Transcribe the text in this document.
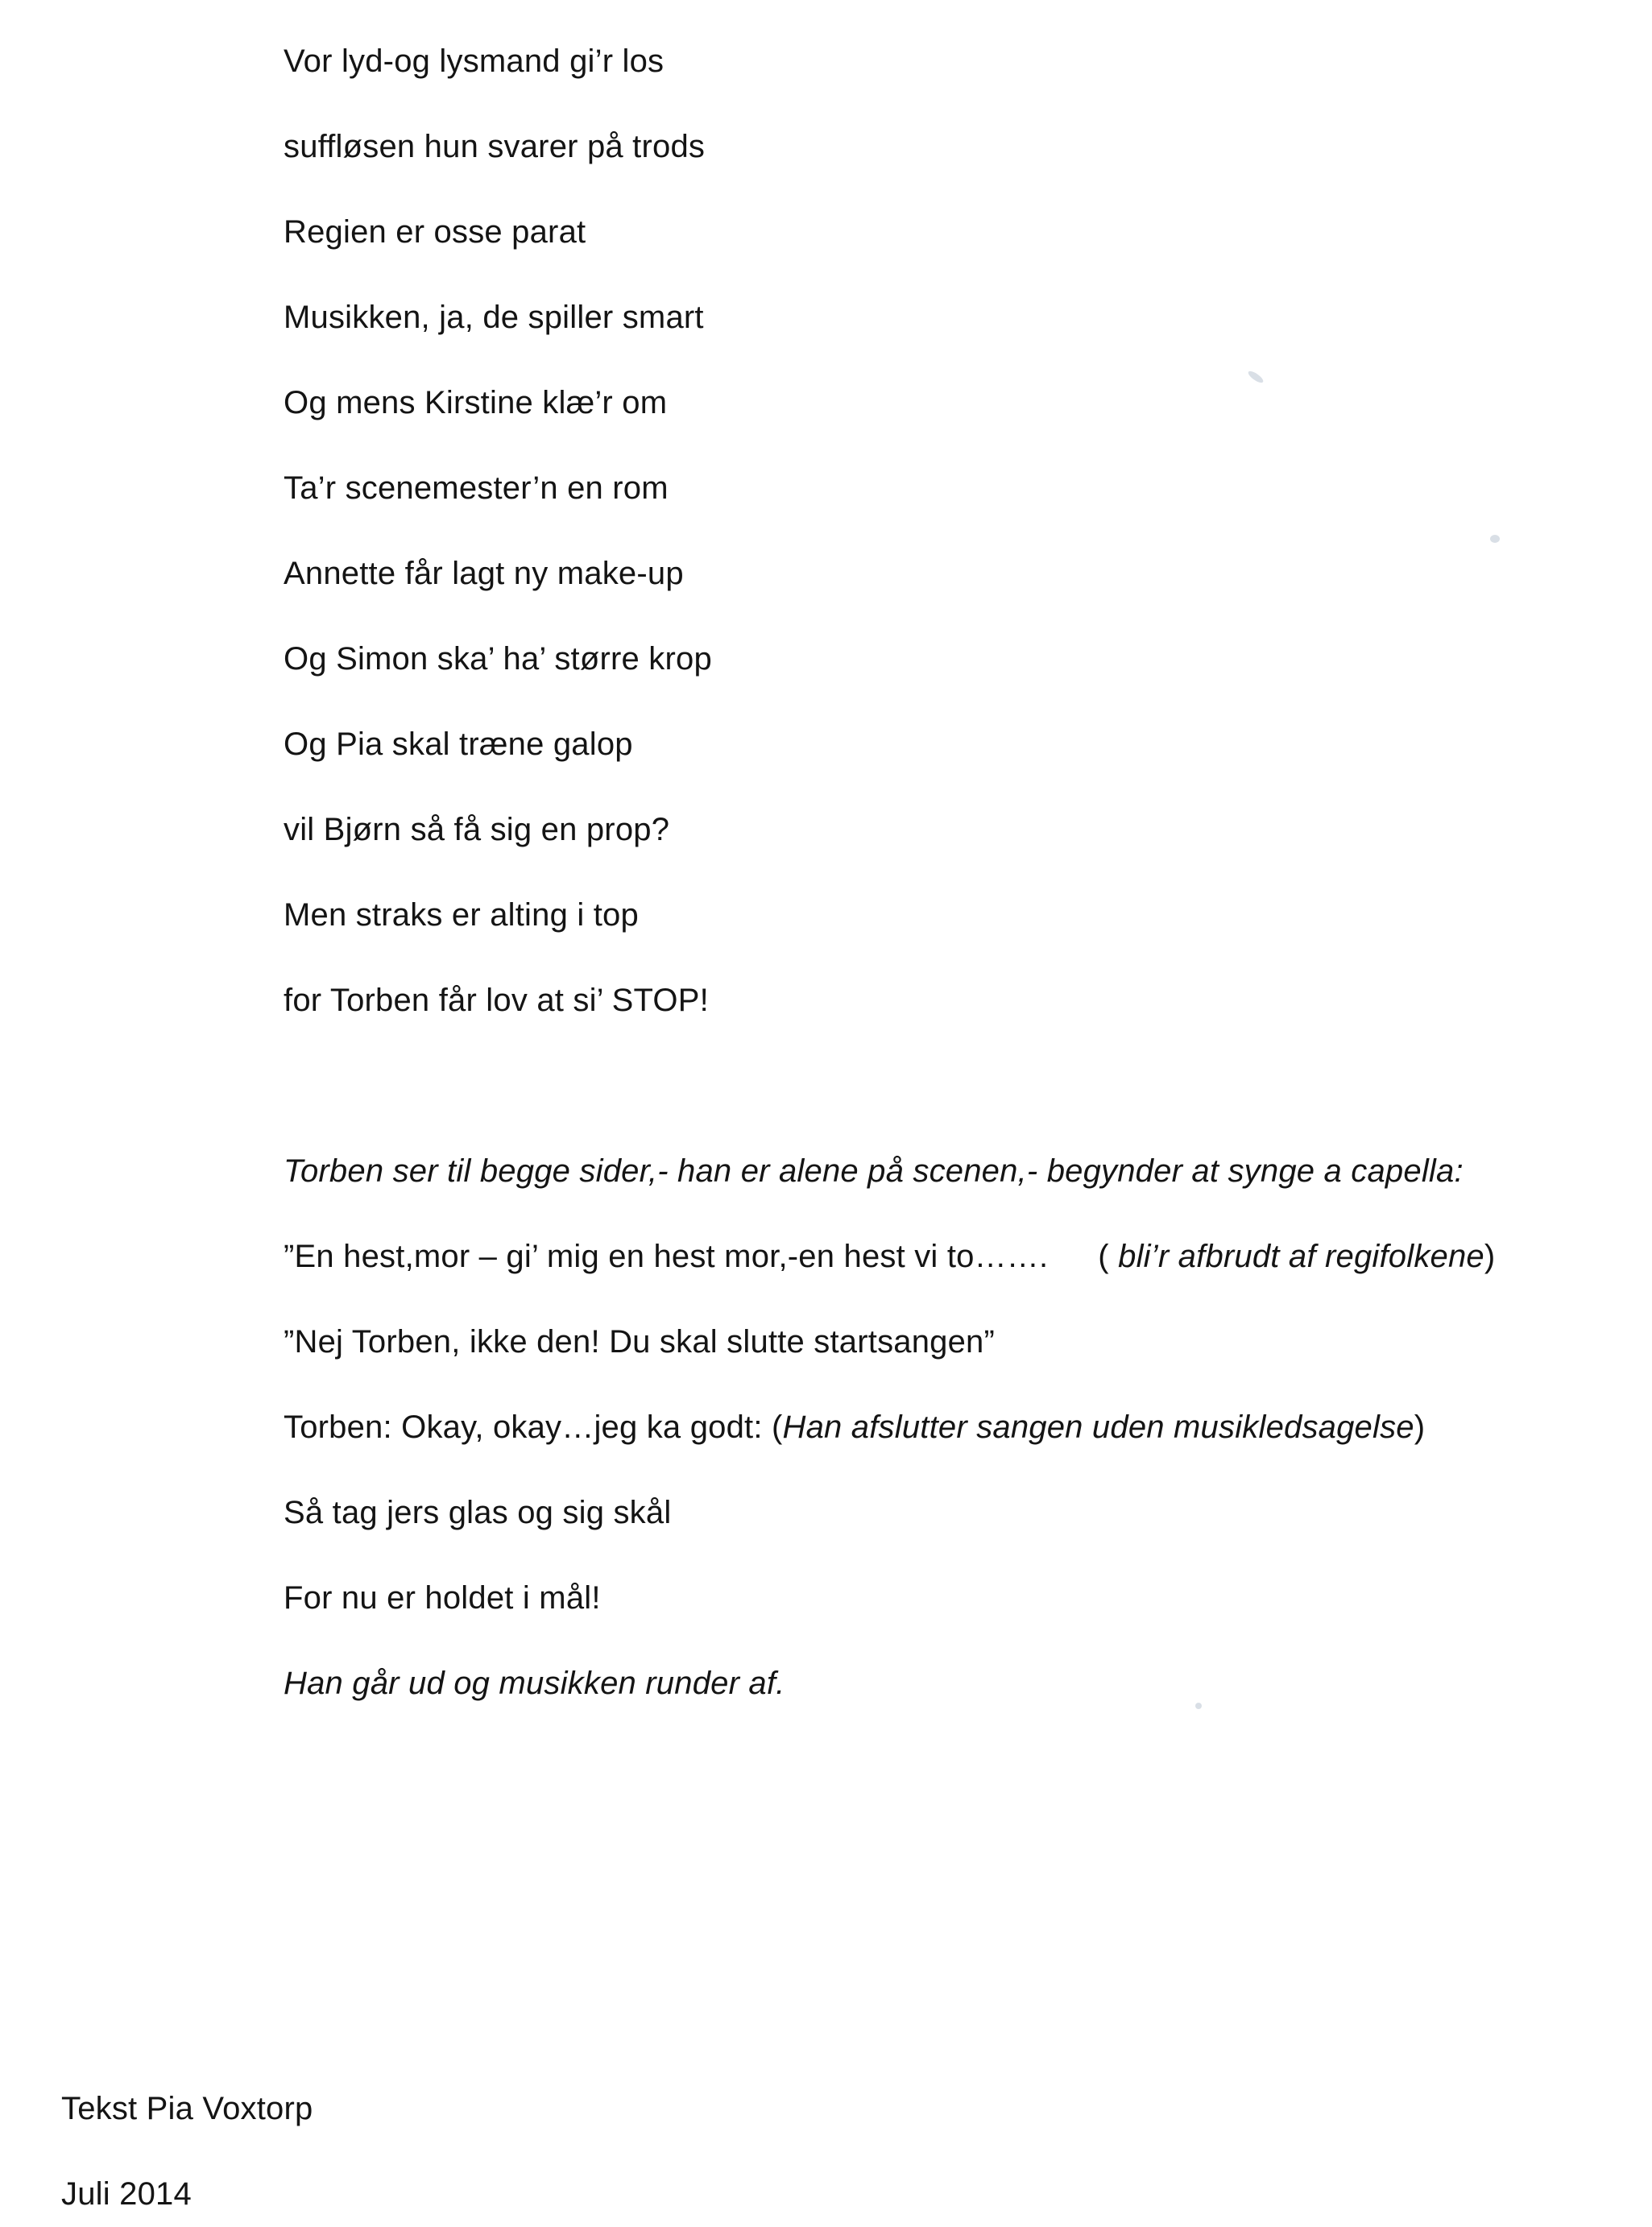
Vor lyd-og lysmand gi’r los
suffløsen hun svarer på trods
Regien er osse parat
Musikken, ja, de spiller smart
Og mens Kirstine klæ’r om
Ta’r scenemester’n en rom
Annette får lagt ny make-up
Og Simon ska’ ha’ større krop
Og Pia skal træne galop
vil Bjørn så få sig en prop?
Men straks er alting i top
for Torben får lov at si’ STOP!
Torben ser til begge sider,- han er alene på scenen,- begynder at synge a capella:
”En hest,mor – gi’ mig en hest mor,-en hest vi to……. ( bli’r afbrudt af regifolkene)
”Nej Torben, ikke den! Du skal slutte startsangen”
Torben: Okay, okay…jeg ka godt: (Han afslutter sangen uden musikledsagelse)
Så tag jers glas og sig skål
For nu er holdet i mål!
Han går ud og musikken runder af.
Tekst Pia Voxtorp
Juli 2014
